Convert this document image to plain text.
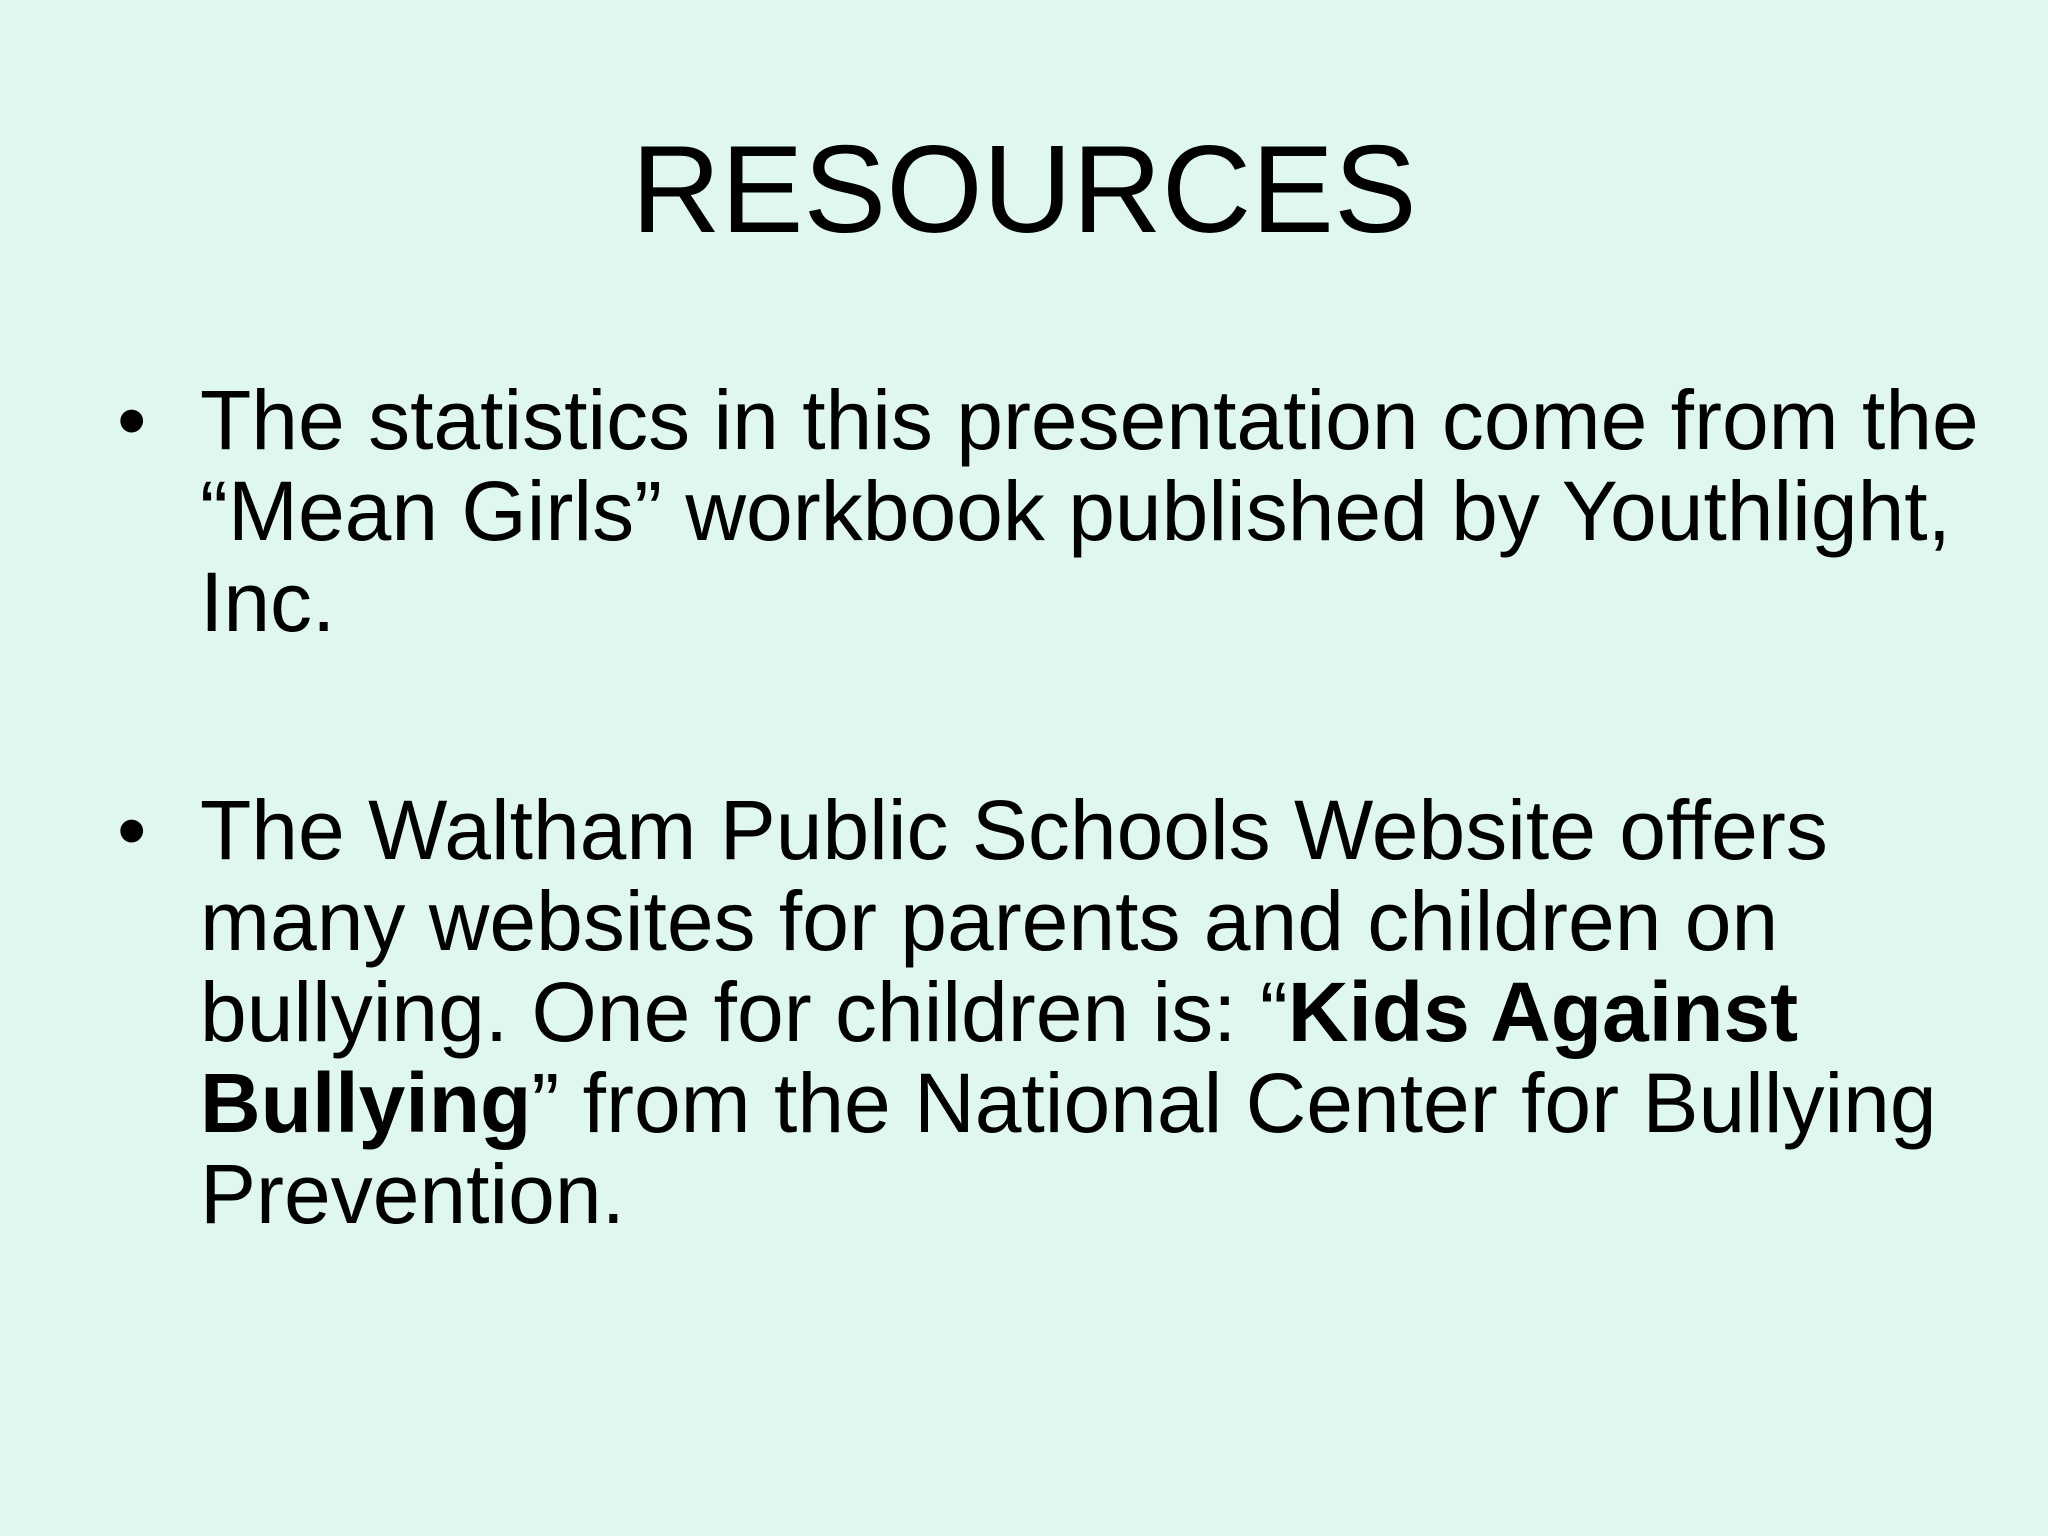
RESOURCES
• The statistics in this presentation come from the “Mean Girls” workbook published by Youthlight, Inc.
• The Waltham Public Schools Website offers many websites for parents and children on bullying. One for children is: “Kids Against Bullying” from the National Center for Bullying Prevention.
